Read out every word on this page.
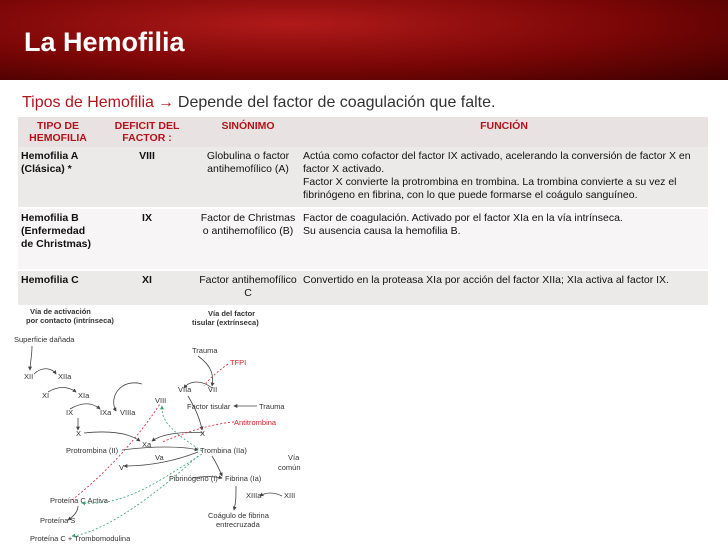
La Hemofilia
Tipos de Hemofilia → Depende del factor de coagulación que falte.
TIPO DE HEMOFILIA	DEFICIT DEL FACTOR :	SINÓNIMO	FUNCIÓN
Hemofilia A (Clásica) *	VIII	Globulina o factor antihemofílico (A)	Actúa como cofactor del factor IX activado, acelerando la conversión de factor X en factor X activado.
Factor X convierte la protrombina en trombina. La trombina convierte a su vez el fibrinógeno en fibrina, con lo que puede formarse el coágulo sanguíneo.

Hemofilia B (Enfermedad de Christmas)	IX	Factor de Christmas o antihemofílico (B)	Factor de coagulación. Activado por el factor XIa en la vía intrínseca.
Su ausencia causa la hemofilia B.

Hemofilia C	XI	Factor antihemofílico C	Convertido en la proteasa XIa por acción del factor XIIa; XIa activa al factor IX.
Vía de activación
por contacto (intrínseca)
Vía del factor
tisular (extrínseca)
Superficie dañada
Trauma
TFPI
XII	XIIa
VIIa VII
XI	XIa
VIII
Factor tisular	Trauma
IX	IXa VIIIa
Antitrombina
X	X
Xa
Protrombina (II)
Va
Trombina (IIa)
Vía
común
V
Fibrinógeno (I) Fibrina (Ia)
XIIIa	XIII
Proteína C Activa
Proteína S
Coágulo de fibrina
entrecruzada
Proteína C + Trombomodulina
